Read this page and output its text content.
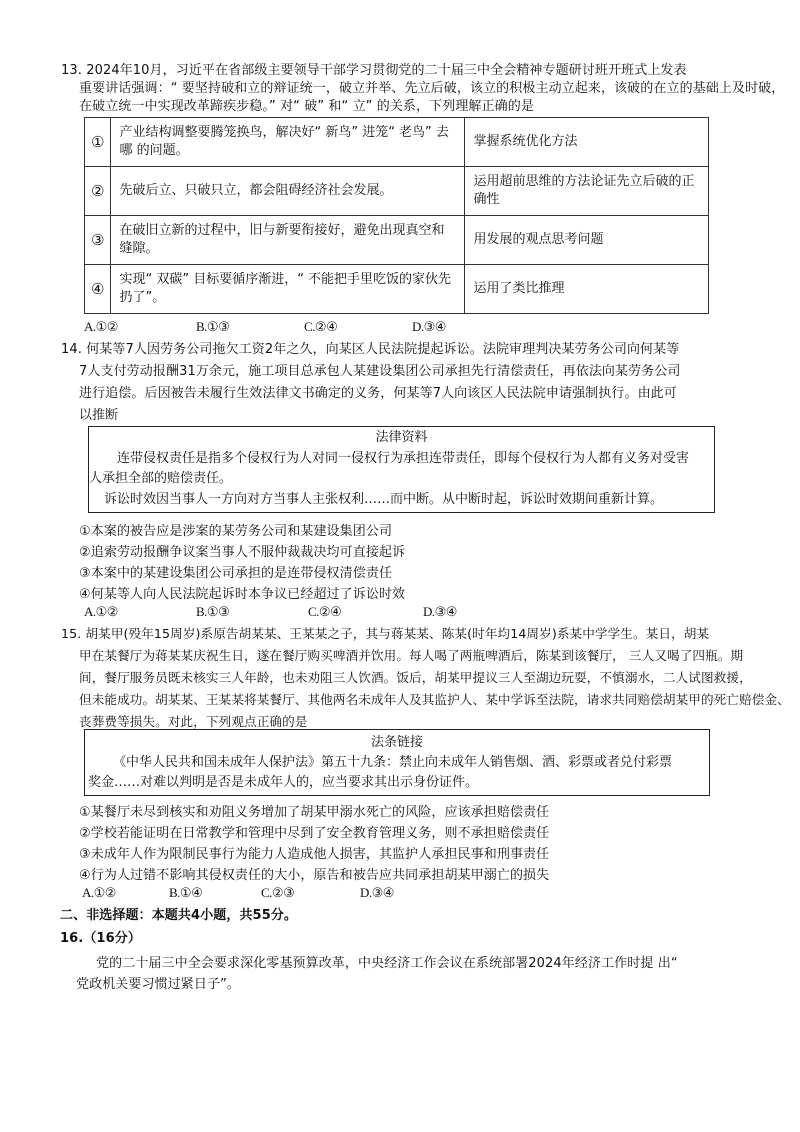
13. 2024年10月，习近平在省部级主要领导干部学习贯彻党的二十届三中全会精神专题研讨班开班式上发表
重要讲话强调：“ 要坚持破和立的辩证统一，破立并举、先立后破，该立的积极主动立起来，该破的在立的基础上及时破，
在破立统一中实现改革蹄疾步稳。” 对“ 破” 和“ 立” 的关系，下列理解正确的是
①	产业结构调整要腾笼换鸟，解决好“ 新鸟” 进笼“ 老鸟” 去哪 的问题。	掌握系统优化方法
②	先破后立、只破只立，都会阻碍经济社会发展。	运用超前思维的方法论证先立后破的正确性
③	在破旧立新的过程中，旧与新要衔接好，避免出现真空和缝隙。	用发展的观点思考问题
④	实现“ 双碳” 目标要循序渐进，“ 不能把手里吃饭的家伙先扔了”。	运用了类比推理
A.①②	B.①③	C.②④	D.③④
14. 何某等7人因劳务公司拖欠工资2年之久，向某区人民法院提起诉讼。法院审理判决某劳务公司向何某等
7人支付劳动报酬31万余元，施工项目总承包人某建设集团公司承担先行清偿责任，再依法向某劳务公司
进行追偿。后因被告未履行生效法律文书确定的义务，何某等7人向该区人民法院申请强制执行。由此可
以推断
法律资料
连带侵权责任是指多个侵权行为人对同一侵权行为承担连带责任，即每个侵权行为人都有义务对受害
人承担全部的赔偿责任。
诉讼时效因当事人一方向对方当事人主张权利……而中断。从中断时起，诉讼时效期间重新计算。
①本案的被告应是涉案的某劳务公司和某建设集团公司
②追索劳动报酬争议案当事人不服仲裁裁决均可直接起诉
③本案中的某建设集团公司承担的是连带侵权清偿责任
④何某等人向人民法院起诉时本争议已经超过了诉讼时效
A.①②	B.①③	C.②④	D.③④
15. 胡某甲(殁年15周岁)系原告胡某某、王某某之子，其与蒋某某、陈某(时年均14周岁)系某中学学生。某日，胡某
甲在某餐厅为蒋某某庆祝生日，遂在餐厅购买啤酒并饮用。每人喝了两瓶啤酒后，陈某到该餐厅， 三人又喝了四瓶。期
间，餐厅服务员既未核实三人年龄，也未劝阻三人饮酒。饭后，胡某甲提议三人至湖边玩耍，不慎溺水，二人试图救援，
但未能成功。胡某某、王某某将某餐厅、其他两名未成年人及其监护人、某中学诉至法院，请求共同赔偿胡某甲的死亡赔偿金、
丧葬费等损失。对此，下列观点正确的是
法条链接
《中华人民共和国未成年人保护法》第五十九条：禁止向未成年人销售烟、酒、彩票或者兑付彩票
奖金……对难以判明是否是未成年人的，应当要求其出示身份证件。
①某餐厅未尽到核实和劝阻义务增加了胡某甲溺水死亡的风险，应该承担赔偿责任
②学校若能证明在日常教学和管理中尽到了安全教育管理义务，则不承担赔偿责任
③未成年人作为限制民事行为能力人造成他人损害，其监护人承担民事和刑事责任
④行为人过错不影响其侵权责任的大小，原告和被告应共同承担胡某甲溺亡的损失
A.①②	B.①④	C.②③	D.③④
二、非选择题：本题共4小题，共55分。
16.（16分）
党的二十届三中全会要求深化零基预算改革，中央经济工作会议在系统部署2024年经济工作时提 出“
党政机关要习惯过紧日子”。
